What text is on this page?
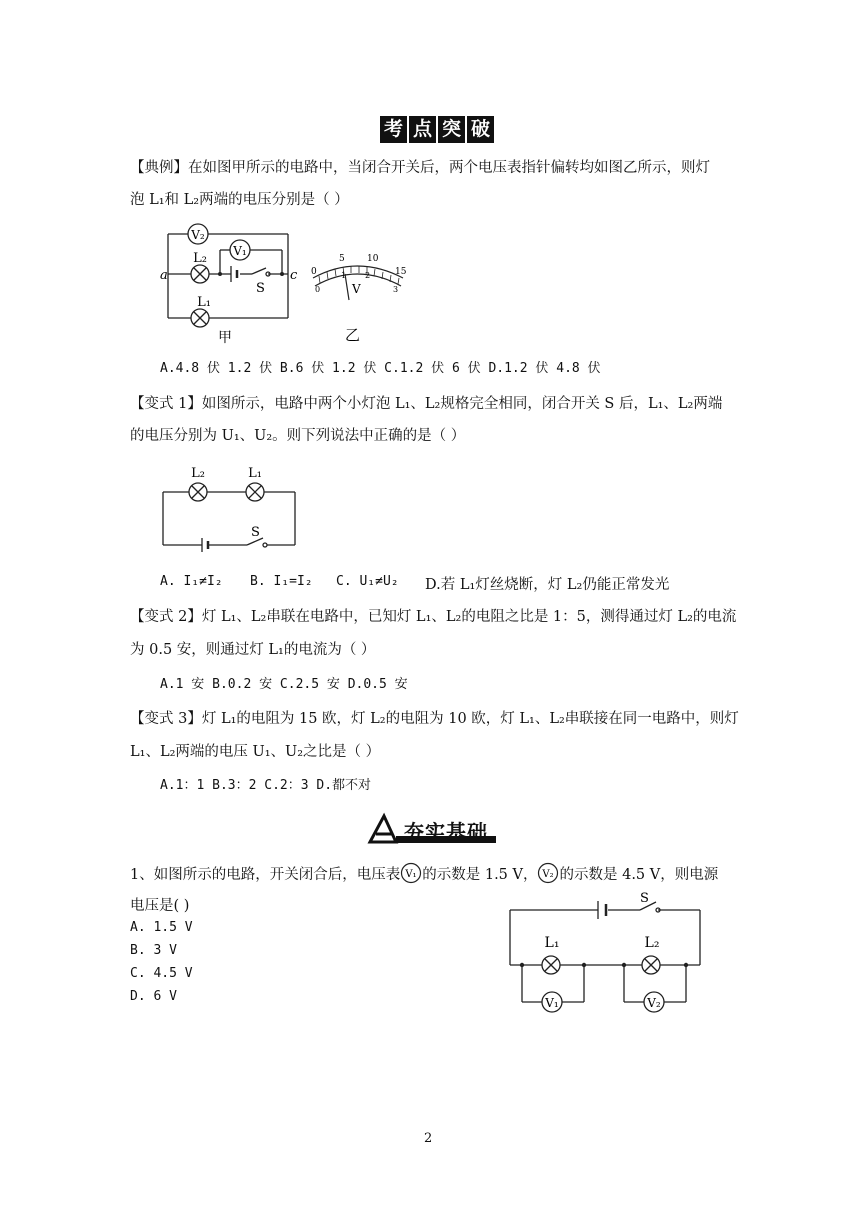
考 点 突 破
【典例】在如图甲所示的电路中，当闭合开关后，两个电压表指针偏转均如图乙所示，则灯
泡 L₁和 L₂两端的电压分别是（ ）
V₂
V₁
L₂
L₁
a	c
S
甲
0
5 10
15
0
1 2
3
V
乙
A.4.8 伏 1.2 伏 B.6 伏 1.2 伏 C.1.2 伏 6 伏 D.1.2 伏 4.8 伏
【变式 1】如图所示，电路中两个小灯泡 L₁、L₂规格完全相同，闭合开关 S 后，L₁、L₂两端
的电压分别为 U₁、U₂。则下列说法中正确的是（ ）
L₂	L₁
S
A. I₁≠I₂ B. I₁=I₂ C. U₁≠U₂ D.若 L₁灯丝烧断，灯 L₂仍能正常发光
【变式 2】灯 L₁、L₂串联在电路中，已知灯 L₁、L₂的电阻之比是 1：5，测得通过灯 L₂的电流
为 0.5 安，则通过灯 L₁的电流为（ ）
A.1 安 B.0.2 安 C.2.5 安 D.0.5 安
【变式 3】灯 L₁的电阻为 15 欧，灯 L₂的电阻为 10 欧，灯 L₁、L₂串联接在同一电路中，则灯
L₁、L₂两端的电压 U₁、U₂之比是（ ）
A.1：1 B.3：2 C.2：3 D.都不对
夯实基础
1、如图所示的电路，开关闭合后，电压表 V₁ 的示数是 1.5 V， V₂ 的示数是 4.5 V，则电源
电压是( )
A. 1.5 V
B. 3 V
C. 4.5 V
D. 6 V
S
L₁	L₂
V₁	V₂
2
